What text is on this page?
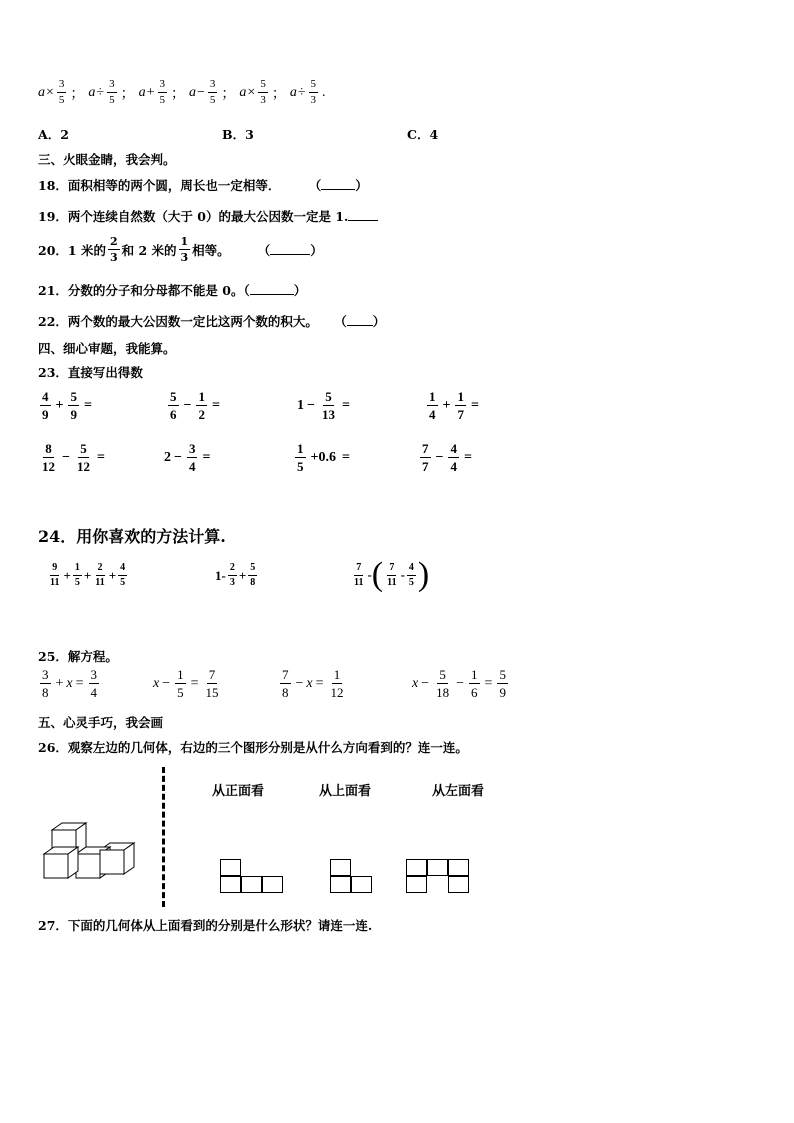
$a \times \frac{3}{5}$ ； $a \div \frac{3}{5}$ ； $a + \frac{3}{5}$ ； $a - \frac{3}{5}$ ； $a \times \frac{5}{3}$ ； $a \div \frac{5}{3}$ .
A．2	B．3	C．4
三、火眼金睛，我会判。
18．面积相等的两个圆，周长也一定相等． （	）
19．两个连续自然数（大于 0）的最大公因数一定是 1.
20．1 米的 $\frac{2}{3}$ 和 2 米的 $\frac{1}{3}$ 相等。 （	）
21．分数的分子和分母都不能是 0。（	）
22．两个数的最大公因数一定比这两个数的积大。 （ ）
四、细心审题，我能算。
23．直接写出得数
$\frac{4}{9} + \frac{5}{9}$ =	$\frac{5}{6} - \frac{1}{2}$ =	$1 - \frac{5}{13}$ =	$\frac{1}{4} + \frac{1}{7}$ =
$\frac{8}{12} - \frac{5}{12}$ =	$2 - \frac{3}{4}$ =	$\frac{1}{5} +0.6$ =	$\frac{7}{7} - \frac{4}{4}$ =
24．用你喜欢的方法计算.
$\frac{9}{11} + \frac{1}{5} + \frac{2}{11} + \frac{4}{5}$	$1 - \frac{2}{3} + \frac{5}{8}$	$\frac{7}{11}$ - ( $\frac{7}{11} - \frac{4}{5}$ )
25．解方程。
$\frac{3}{8} + x = \frac{3}{4}$	$x - \frac{1}{5} = \frac{7}{15}$	$\frac{7}{8} - x = \frac{1}{12}$	$x - \frac{5}{18} - \frac{1}{6} = \frac{5}{9}$
五、心灵手巧，我会画
26．观察左边的几何体，右边的三个图形分别是从什么方向看到的？连一连。
从正面看	从上面看	从左面看
27．下面的几何体从上面看到的分别是什么形状？请连一连.
